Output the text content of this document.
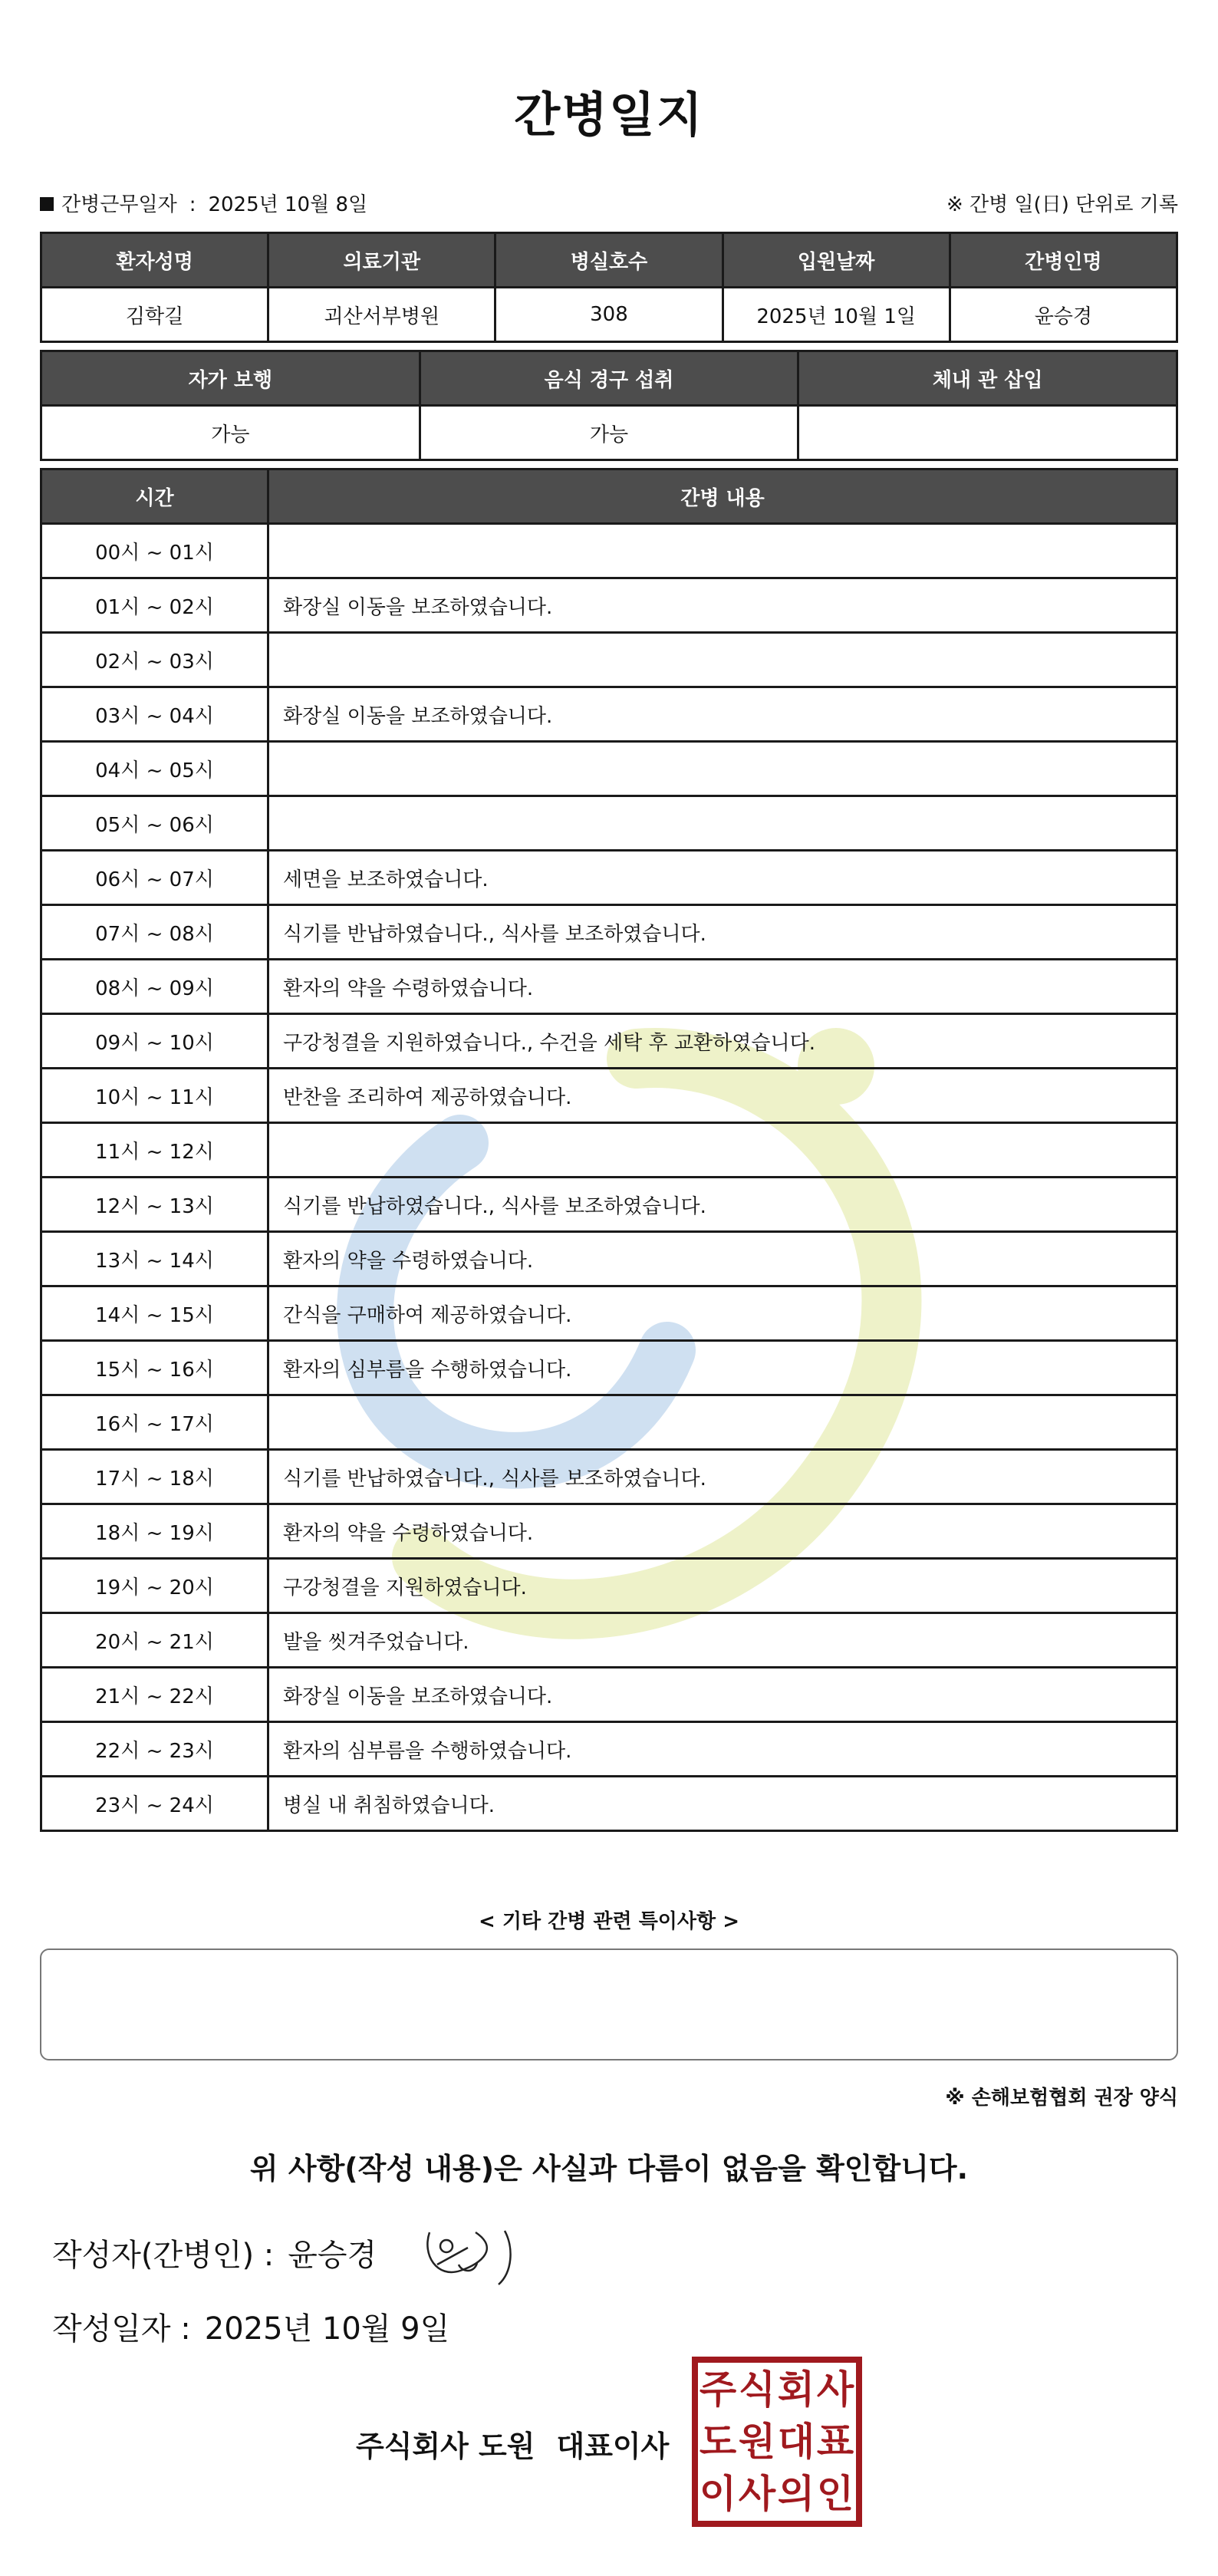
간병일지
간병근무일자 : 2025년 10월 8일	※ 간병 일(日) 단위로 기록
환자성명	의료기관	병실호수	입원날짜	간병인명
김학길	괴산서부병원	308	2025년 10월 1일	윤승경
자가 보행	음식 경구 섭취	체내 관 삽입
가능	가능	
시간	간병 내용
00시 ~ 01시	
01시 ~ 02시	화장실 이동을 보조하였습니다.
02시 ~ 03시	
03시 ~ 04시	화장실 이동을 보조하였습니다.
04시 ~ 05시	
05시 ~ 06시	
06시 ~ 07시	세면을 보조하였습니다.
07시 ~ 08시	식기를 반납하였습니다., 식사를 보조하였습니다.
08시 ~ 09시	환자의 약을 수령하였습니다.
09시 ~ 10시	구강청결을 지원하였습니다., 수건을 세탁 후 교환하였습니다.
10시 ~ 11시	반찬을 조리하여 제공하였습니다.
11시 ~ 12시	
12시 ~ 13시	식기를 반납하였습니다., 식사를 보조하였습니다.
13시 ~ 14시	환자의 약을 수령하였습니다.
14시 ~ 15시	간식을 구매하여 제공하였습니다.
15시 ~ 16시	환자의 심부름을 수행하였습니다.
16시 ~ 17시	
17시 ~ 18시	식기를 반납하였습니다., 식사를 보조하였습니다.
18시 ~ 19시	환자의 약을 수령하였습니다.
19시 ~ 20시	구강청결을 지원하였습니다.
20시 ~ 21시	발을 씻겨주었습니다.
21시 ~ 22시	화장실 이동을 보조하였습니다.
22시 ~ 23시	환자의 심부름을 수행하였습니다.
23시 ~ 24시	병실 내 취침하였습니다.
< 기타 간병 관련 특이사항 >
※ 손해보험협회 권장 양식
위 사항(작성 내용)은 사실과 다름이 없음을 확인합니다.
작성자(간병인) : 윤승경
작성일자 : 2025년 10월 9일
주식회사 도원 대표이사
주 식 회 사
도 원 대 표
이 사 의 인
